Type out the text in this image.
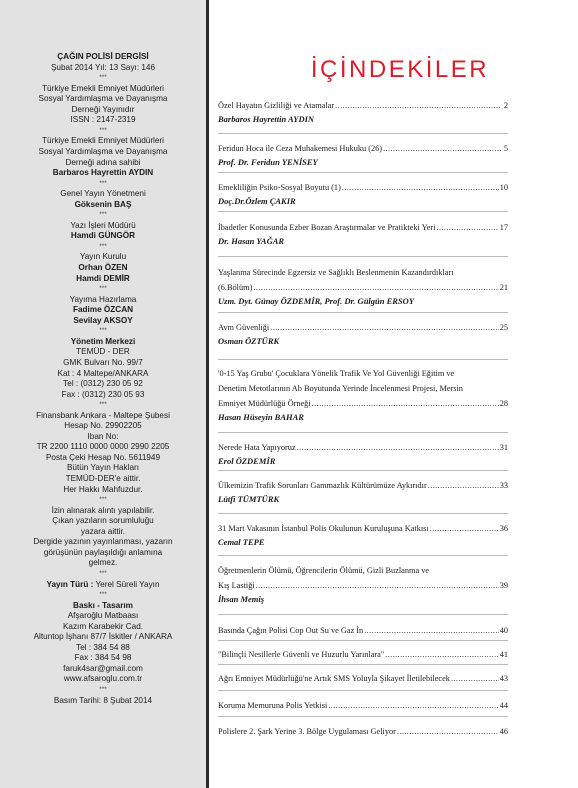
ÇAĞIN POLİSİ DERGİSİ
Şubat 2014 Yıl: 13 Sayı: 146
***
Türkiye Emekli Emniyet Müdürleri
Sosyal Yardımlaşma ve Dayanışma
Derneği Yayınıdır
ISSN : 2147-2319
***
Türkiye Emekli Emniyet Müdürleri
Sosyal Yardımlaşma ve Dayanışma
Derneği adına sahibi
Barbaros Hayrettin AYDIN
***
Genel Yayın Yönetmeni
Göksenin BAŞ
***
Yazı İşleri Müdürü
Hamdi GÜNGÖR
***
Yayın Kurulu
Orhan ÖZEN
Hamdi DEMİR
***
Yayıma Hazırlama
Fadime ÖZCAN
Sevilay AKSOY
***
Yönetim Merkezi
TEMÜD - DER
GMK Bulvarı No. 99/7
Kat : 4 Maltepe/ANKARA
Tel : (0312) 230 05 92
Fax : (0312) 230 05 93
***
Finansbank Ankara - Maltepe Şubesi
Hesap No. 29902205
Iban No:
TR 2200 1110 0000 0000 2990 2205
Posta Çeki Hesap No. 5611949
Bütün Yayın Hakları
TEMÜD-DER'e aittir.
Her Hakkı Mahfuzdur.
***
İzin alınarak alıntı yapılabilir.
Çıkan yazıların sorumluluğu
yazara aittir.
Dergide yazının yayınlanması, yazarın
görüşünün paylaşıldığı anlamına
gelmez.
***
Yayın Türü : Yerel Süreli Yayın
***
Baskı - Tasarım
Afşaroğlu Matbaası
Kazım Karabekir Cad.
Altuntop İşhanı 87/7 İskitler / ANKARA
Tel : 384 54 88
Fax : 384 54 98
faruk4sar@gmail.com
www.afsaroglu.com.tr
***
Basım Tarihi: 8 Şubat 2014
İÇİNDEKİLER
Özel Hayatın Gizliliği ve Atamalar .....	2
Barbaros Hayrettin AYDIN
Feridun Hoca ile Ceza Muhakemesi Hukuku (26) .....	5
Prof. Dr. Feridun YENİSEY
Emekliliğin Psiko-Sosyal Boyutu (1) .....	10
Doç.Dr.Özlem ÇAKIR
İbadetler Konusunda Ezber Bozan Araştırmalar ve Pratikteki Yeri .....	17
Dr. Hasan YAĞAR
Yaşlanma Sürecinde Egzersiz ve Sağlıklı Beslenmenin Kazandırdıkları
(6.Bölüm) .....	21
Uzm. Dyt. Günay ÖZDEMİR, Prof. Dr. Gülgün ERSOY
Avm Güvenliği .....	25
Osman ÖZTÜRK
'0-15 Yaş Grubu' Çocuklara Yönelik Trafik Ve Yol Güvenliği Eğitim ve
Denetim Metotlarının Ab Boyutunda Yerinde İncelenmesi Projesi, Mersin
Emniyet Müdürlüğü Örneği .....	28
Hasan Hüseyin BAHAR
Nerede Hata Yapıyoruz .....	31
Erol ÖZDEMİR
Ülkemizin Trafik Sorunları Gammazlık Kültürümüze Aykırıdır .....	33
Lütfi TÜMTÜRK
31 Mart Vakasının İstanbul Polis Okulunun Kuruluşuna Katkısı .....	36
Cemal TEPE
Öğretmenlerin Ölümü, Öğrencilerin Ölümü, Gizli Buzlanma ve
Kış Lastiği .....	39
İhsan Memiş
Basında Çağın Polisi Cop Out Su ve Gaz İn .....	40
"Bilinçli Nesillerle Güvenli ve Huzurlu Yarınlara" .....	41
Ağrı Emniyet Müdürlüğü'ne Artık SMS Yoluyla Şikayet İletilebilecek .....	43
Koruma Memuruna Polis Yetkisi .....	44
Polislere 2. Şark Yerine 3. Bölge Uygulaması Geliyor .....	46
